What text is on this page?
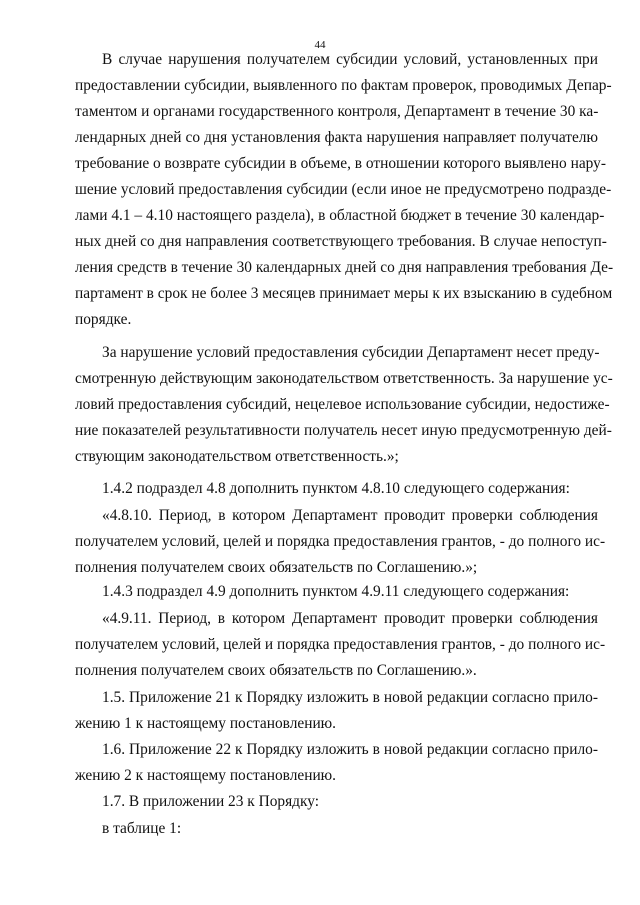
44

В случае нарушения получателем субсидии условий, установленных при

предоставлении субсидии, выявленного по фактам проверок, проводимых Депар-

таментом и органами государственного контроля, Департамент в течение 30 ка-

лендарных дней со дня установления факта нарушения направляет получателю

требование о возврате субсидии в объеме, в отношении которого выявлено нару-

шение условий предоставления субсидии (если иное не предусмотрено подразде-

лами 4.1 – 4.10 настоящего раздела), в областной бюджет в течение 30 календар-

ных дней со дня направления соответствующего требования. В случае непоступ-

ления средств в течение 30 календарных дней со дня направления требования Де-

партамент в срок не более 3 месяцев принимает меры к их взысканию в судебном

порядке.

За нарушение условий предоставления субсидии Департамент несет преду-

смотренную действующим законодательством ответственность. За нарушение ус-

ловий предоставления субсидий, нецелевое использование субсидии, недостиже-

ние показателей результативности получатель несет иную предусмотренную дей-

ствующим законодательством ответственность.»;

1.4.2 подраздел 4.8 дополнить пунктом 4.8.10 следующего содержания:

«4.8.10. Период, в котором Департамент проводит проверки соблюдения

получателем условий, целей и порядка предоставления грантов, - до полного ис-

полнения получателем своих обязательств по Соглашению.»;

1.4.3 подраздел 4.9 дополнить пунктом 4.9.11 следующего содержания:

«4.9.11. Период, в котором Департамент проводит проверки соблюдения

получателем условий, целей и порядка предоставления грантов, - до полного ис-

полнения получателем своих обязательств по Соглашению.».

1.5. Приложение 21 к Порядку изложить в новой редакции согласно прило-

жению 1 к настоящему постановлению.

1.6. Приложение 22 к Порядку изложить в новой редакции согласно прило-

жению 2 к настоящему постановлению.

1.7. В приложении 23 к Порядку:

в таблице 1:
